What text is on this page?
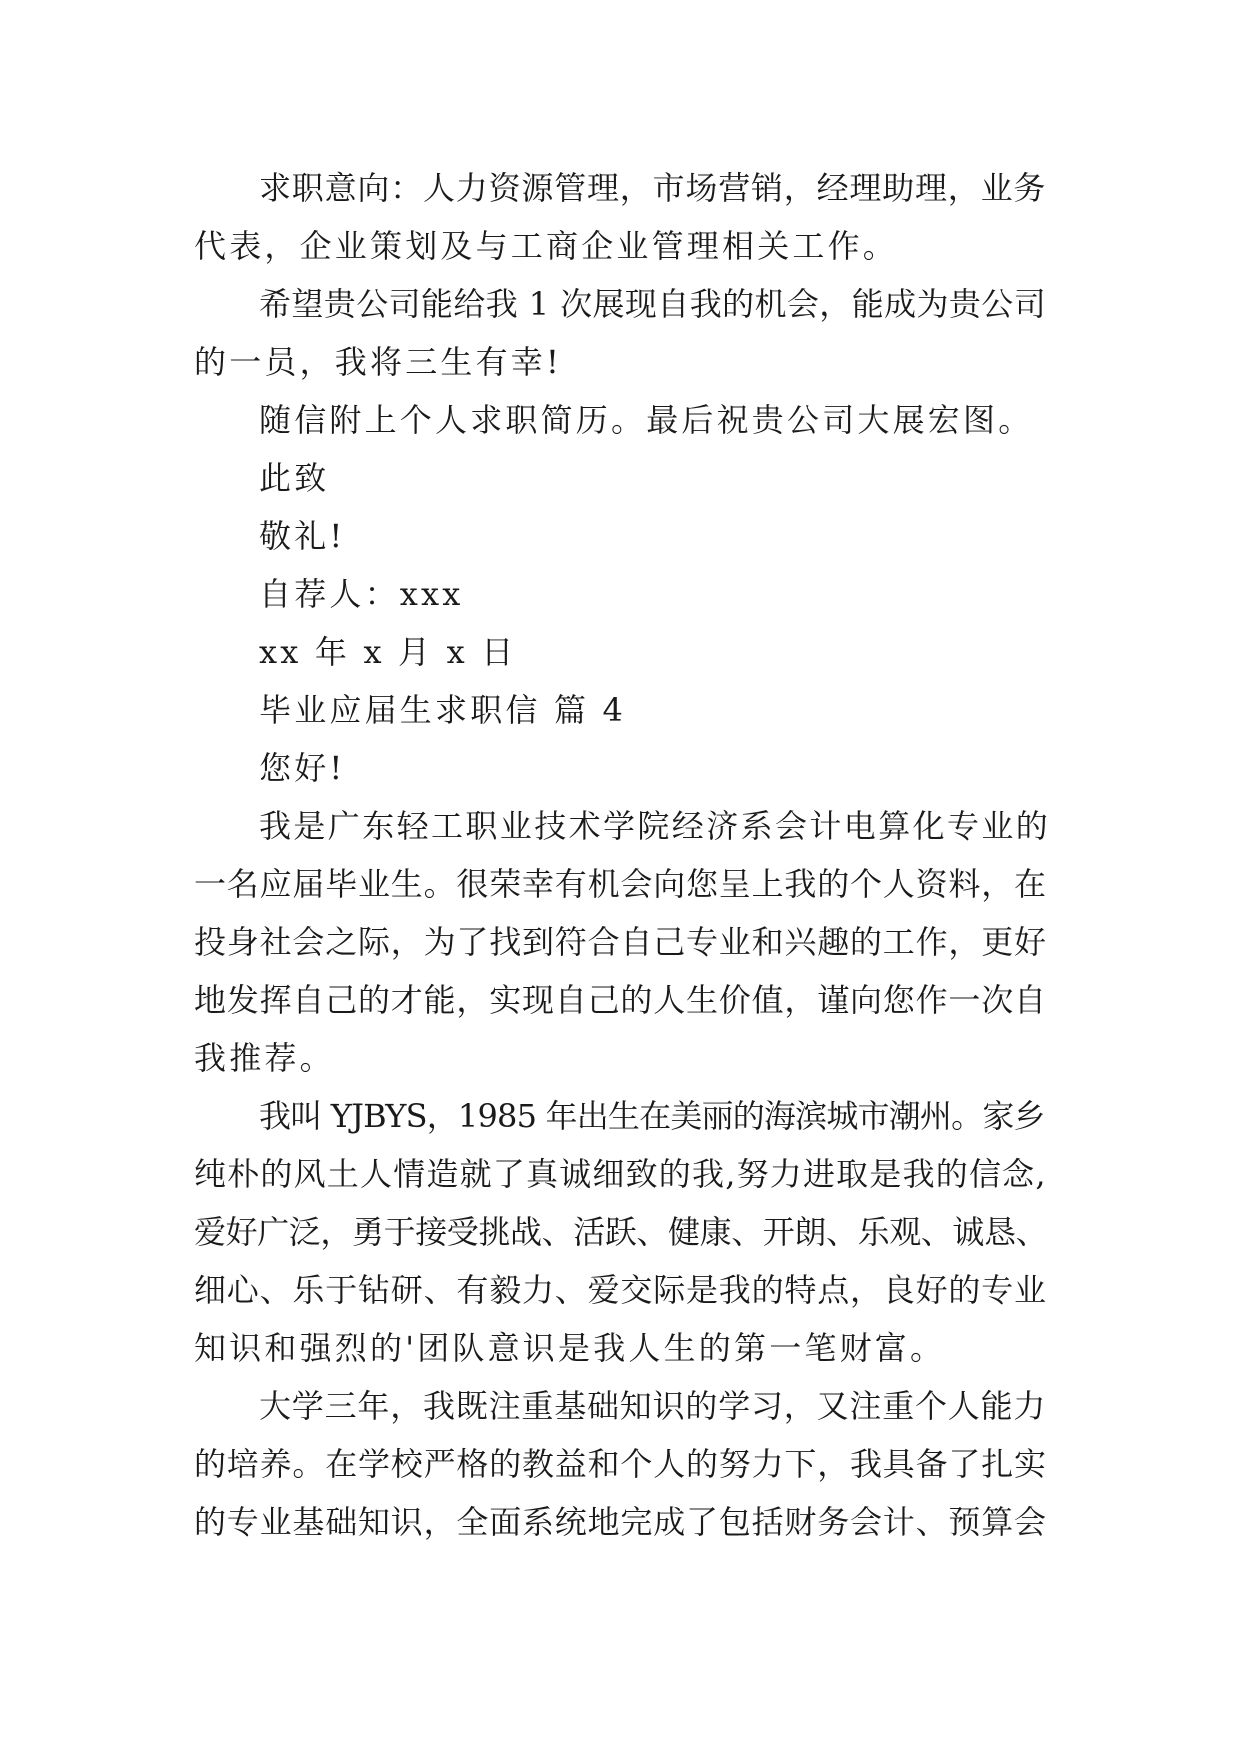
求职意向：人力资源管理，市场营销，经理助理，业务

代表，企业策划及与工商企业管理相关工作。

希望贵公司能给我 1 次展现自我的机会，能成为贵公司

的一员，我将三生有幸!

随信附上个人求职简历。最后祝贵公司大展宏图。

此致

敬礼!

自荐人：xxx

xx 年 x 月 x 日

毕业应届生求职信 篇 4

您好!

我是广东轻工职业技术学院经济系会计电算化专业的

一名应届毕业生。很荣幸有机会向您呈上我的个人资料，在

投身社会之际，为了找到符合自己专业和兴趣的工作，更好

地发挥自己的才能，实现自己的人生价值，谨向您作一次自

我推荐。

我叫 YJBYS，1985 年出生在美丽的海滨城市潮州。家乡

纯朴的风土人情造就了真诚细致的我,努力进取是我的信念,

爱好广泛，勇于接受挑战、活跃、健康、开朗、乐观、诚恳、

细心、乐于钻研、有毅力、爱交际是我的特点，良好的专业

知识和强烈的'团队意识是我人生的第一笔财富。

大学三年，我既注重基础知识的学习，又注重个人能力

的培养。在学校严格的教益和个人的努力下，我具备了扎实

的专业基础知识，全面系统地完成了包括财务会计、预算会
